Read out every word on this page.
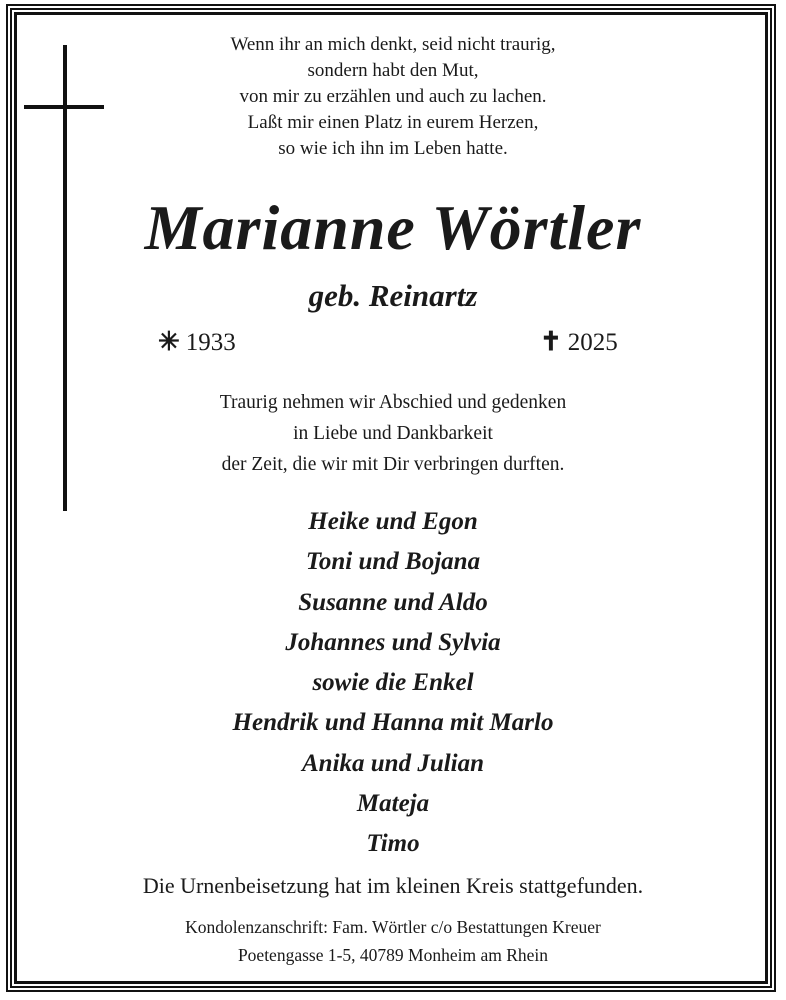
Wenn ihr an mich denkt, seid nicht traurig,
sondern habt den Mut,
von mir zu erzählen und auch zu lachen.
Laßt mir einen Platz in eurem Herzen,
so wie ich ihn im Leben hatte.
Marianne Wörtler
geb. Reinartz
✳ 1933	✝ 2025
Traurig nehmen wir Abschied und gedenken
in Liebe und Dankbarkeit
der Zeit, die wir mit Dir verbringen durften.
Heike und Egon
Toni und Bojana
Susanne und Aldo
Johannes und Sylvia
sowie die Enkel
Hendrik und Hanna mit Marlo
Anika und Julian
Mateja
Timo
Die Urnenbeisetzung hat im kleinen Kreis stattgefunden.
Kondolenzanschrift: Fam. Wörtler c/o Bestattungen Kreuer
Poetengasse 1-5, 40789 Monheim am Rhein
